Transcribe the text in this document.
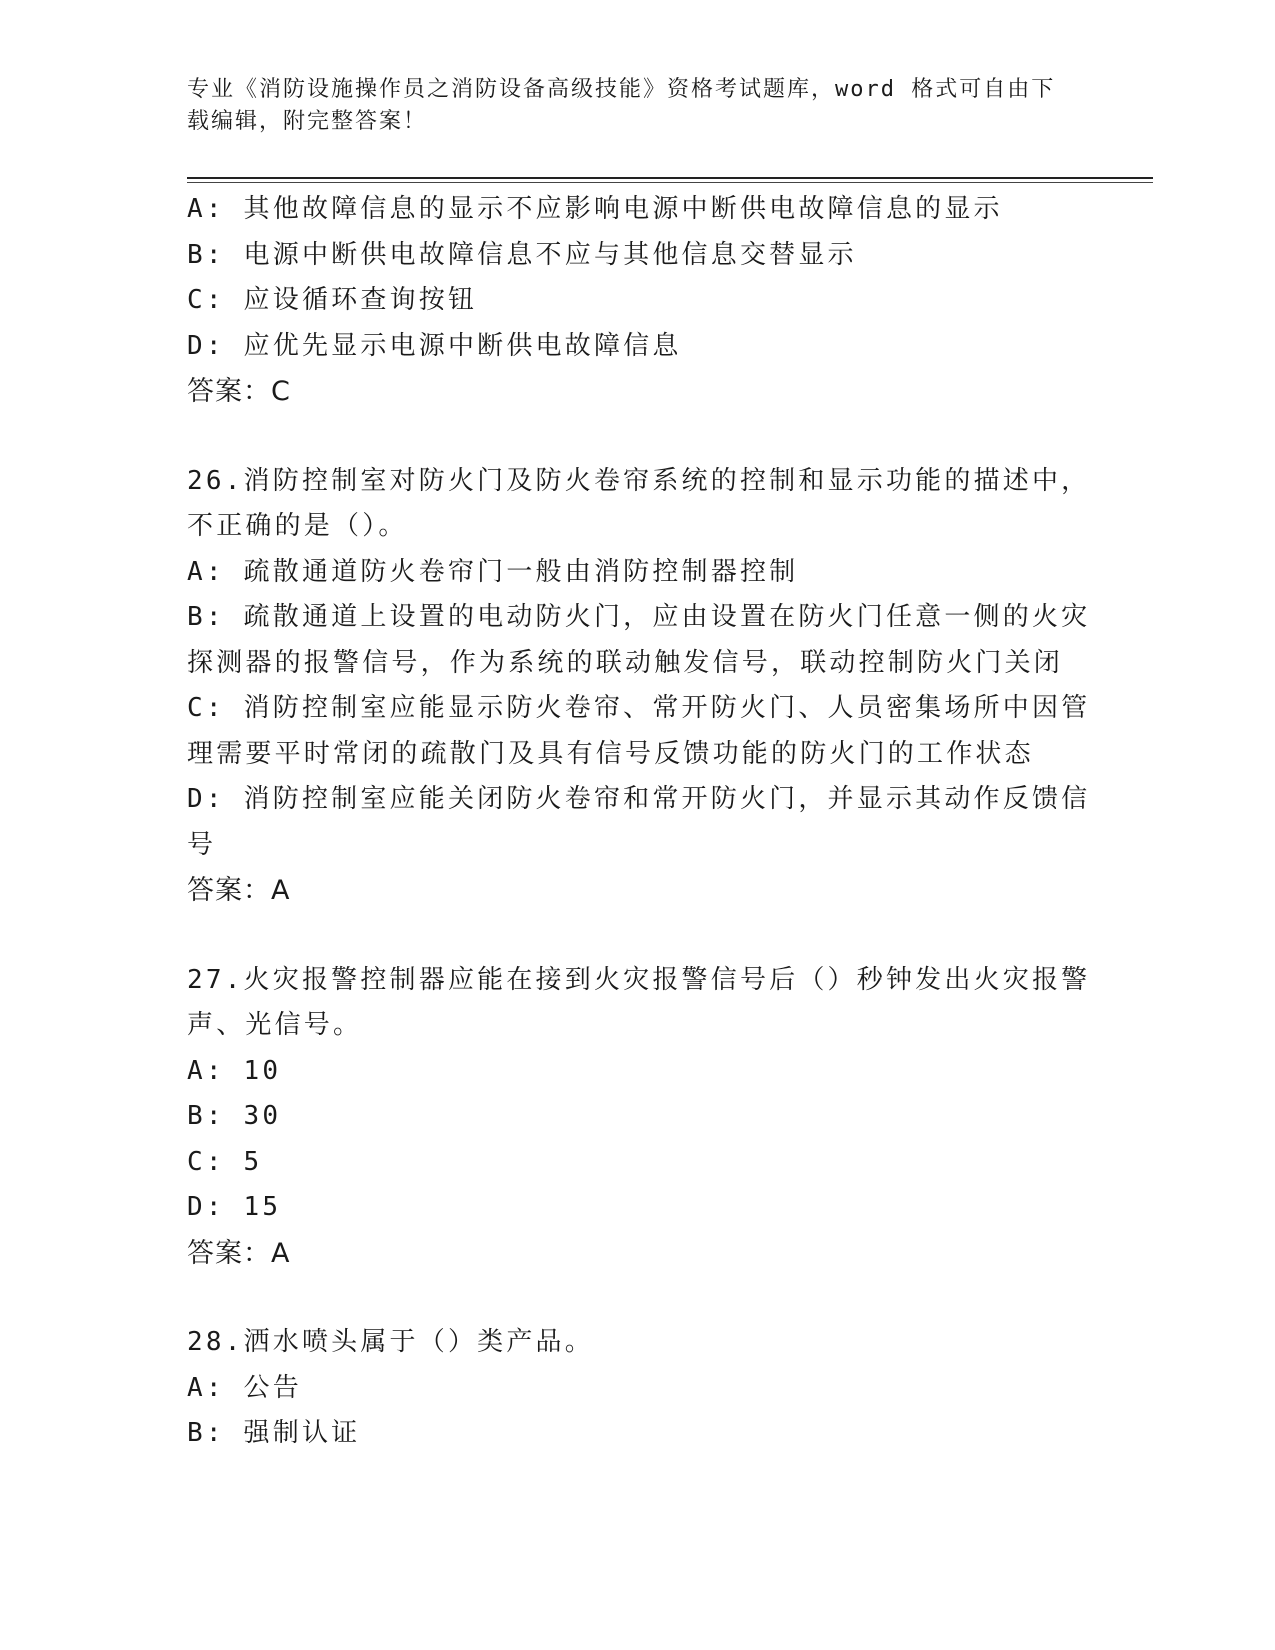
专业《消防设施操作员之消防设备高级技能》资格考试题库，word 格式可自由下
载编辑，附完整答案！
A: 其他故障信息的显示不应影响电源中断供电故障信息的显示
B: 电源中断供电故障信息不应与其他信息交替显示
C: 应设循环查询按钮
D: 应优先显示电源中断供电故障信息
答案：C
26.消防控制室对防火门及防火卷帘系统的控制和显示功能的描述中，
不正确的是（）。
A: 疏散通道防火卷帘门一般由消防控制器控制
B: 疏散通道上设置的电动防火门，应由设置在防火门任意一侧的火灾
探测器的报警信号，作为系统的联动触发信号，联动控制防火门关闭
C: 消防控制室应能显示防火卷帘、常开防火门、人员密集场所中因管
理需要平时常闭的疏散门及具有信号反馈功能的防火门的工作状态
D: 消防控制室应能关闭防火卷帘和常开防火门，并显示其动作反馈信
号
答案：A
27.火灾报警控制器应能在接到火灾报警信号后（）秒钟发出火灾报警
声、光信号。
A: 10
B: 30
C: 5
D: 15
答案：A
28.洒水喷头属于（）类产品。
A: 公告
B: 强制认证
